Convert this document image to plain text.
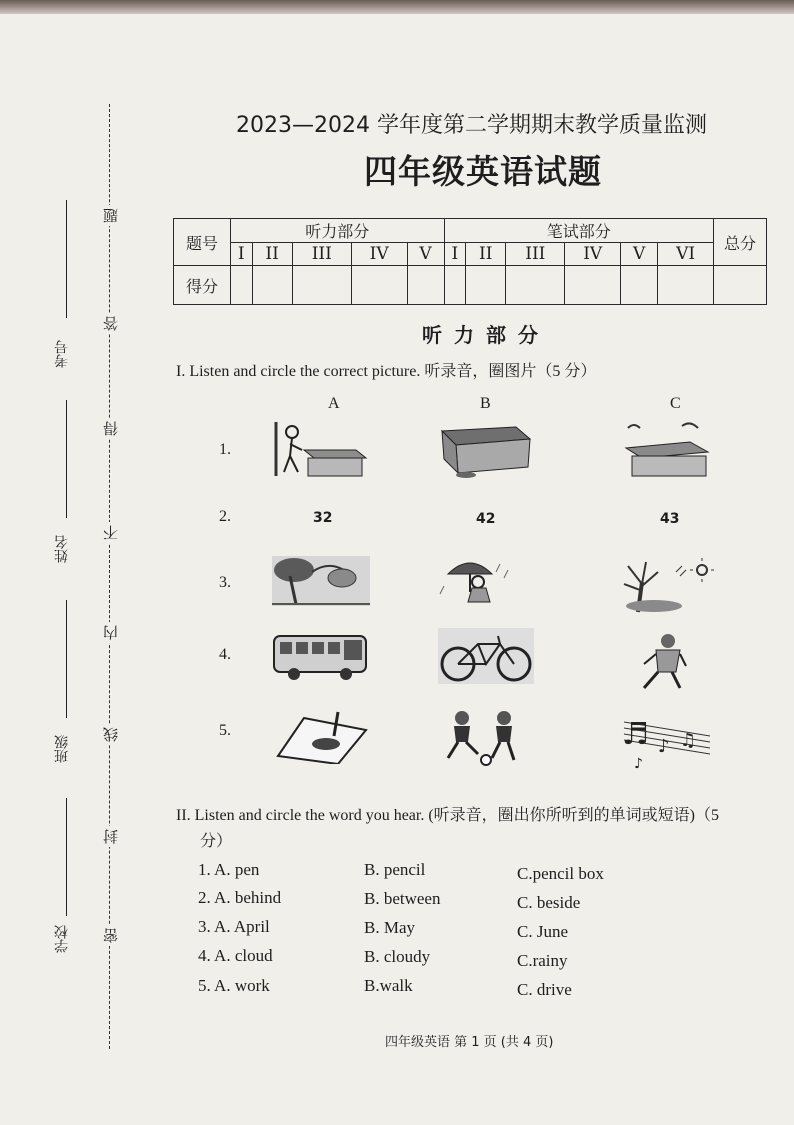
考号
姓名
班级
学校
题
答
得
不
内
线
封
密
2023—2024 学年度第二学期期末教学质量监测
四年级英语试题
题号	听力部分					笔试部分						总分
	I	II	III	IV	V	I	II	III	IV	V	VI	
得分												
听力部分
I. Listen and circle the correct picture. 听录音，圈图片（5 分）
A	B	C
1.
2.
3.
4.
5.
32	42	43
♬ ♪ ♫
♪
II. Listen and circle the word you hear. (听录音，圈出你所听到的单词或短语)（5
分）
1. A. pen	B. pencil	C.pencil box
2. A. behind	B. between	C. beside
3. A. April	B. May	C. June
4. A. cloud	B. cloudy	C.rainy
5. A. work	B.walk	C. drive
四年级英语 第 1 页 (共 4 页)
